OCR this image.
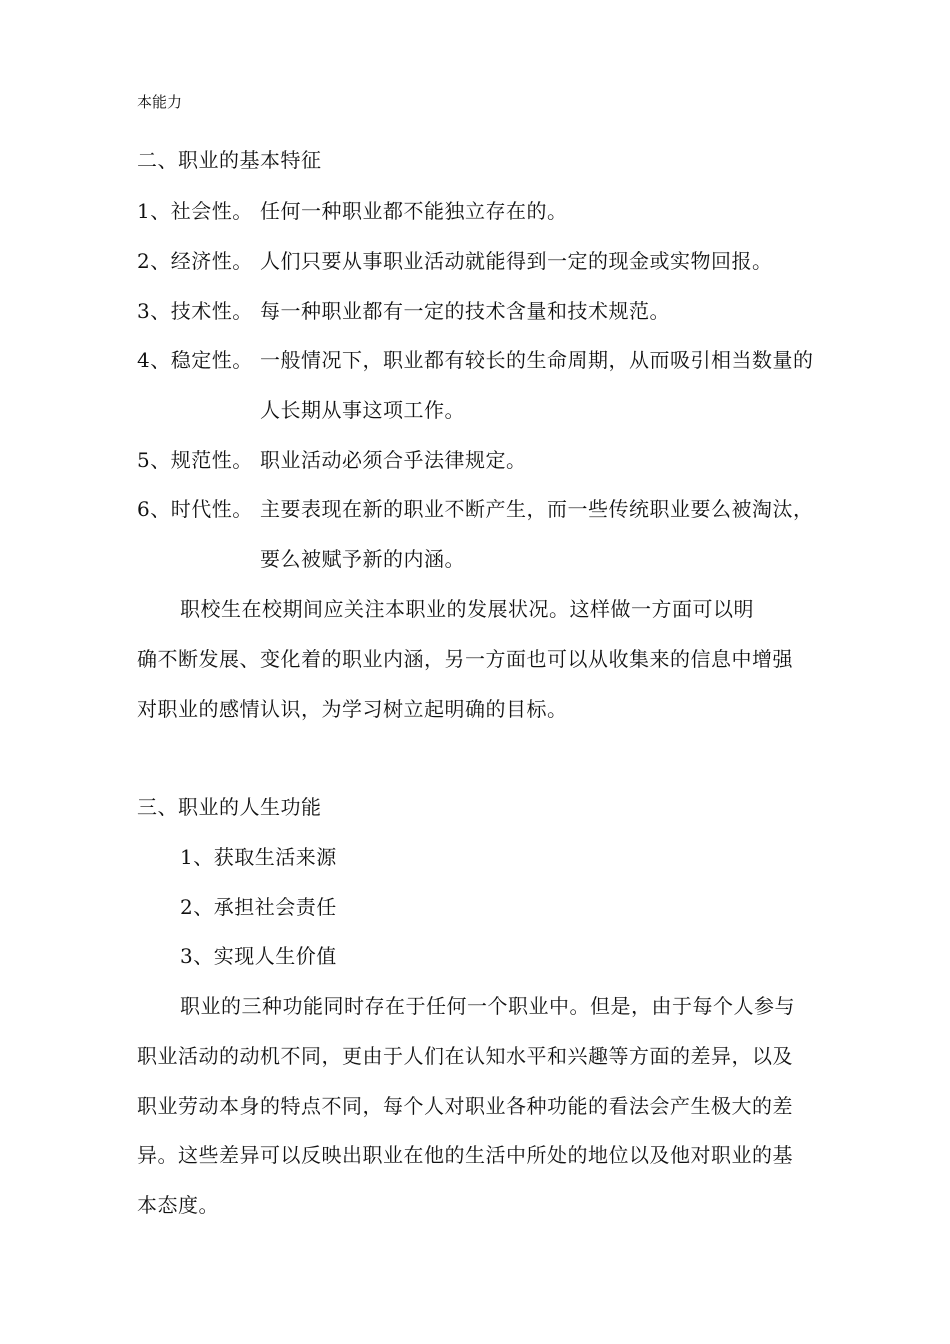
本能力
二、职业的基本特征
1、社会性。 任何一种职业都不能独立存在的。
2、经济性。 人们只要从事职业活动就能得到一定的现金或实物回报。
3、技术性。 每一种职业都有一定的技术含量和技术规范。
4、稳定性。 一般情况下，职业都有较长的生命周期，从而吸引相当数量的
人长期从事这项工作。
5、规范性。 职业活动必须合乎法律规定。
6、时代性。 主要表现在新的职业不断产生，而一些传统职业要么被淘汰，
要么被赋予新的内涵。
职校生在校期间应关注本职业的发展状况。这样做一方面可以明
确不断发展、变化着的职业内涵，另一方面也可以从收集来的信息中增强
对职业的感情认识，为学习树立起明确的目标。
三、职业的人生功能
1、获取生活来源
2、承担社会责任
3、实现人生价值
职业的三种功能同时存在于任何一个职业中。但是，由于每个人参与
职业活动的动机不同，更由于人们在认知水平和兴趣等方面的差异，以及
职业劳动本身的特点不同，每个人对职业各种功能的看法会产生极大的差
异。这些差异可以反映出职业在他的生活中所处的地位以及他对职业的基
本态度。
